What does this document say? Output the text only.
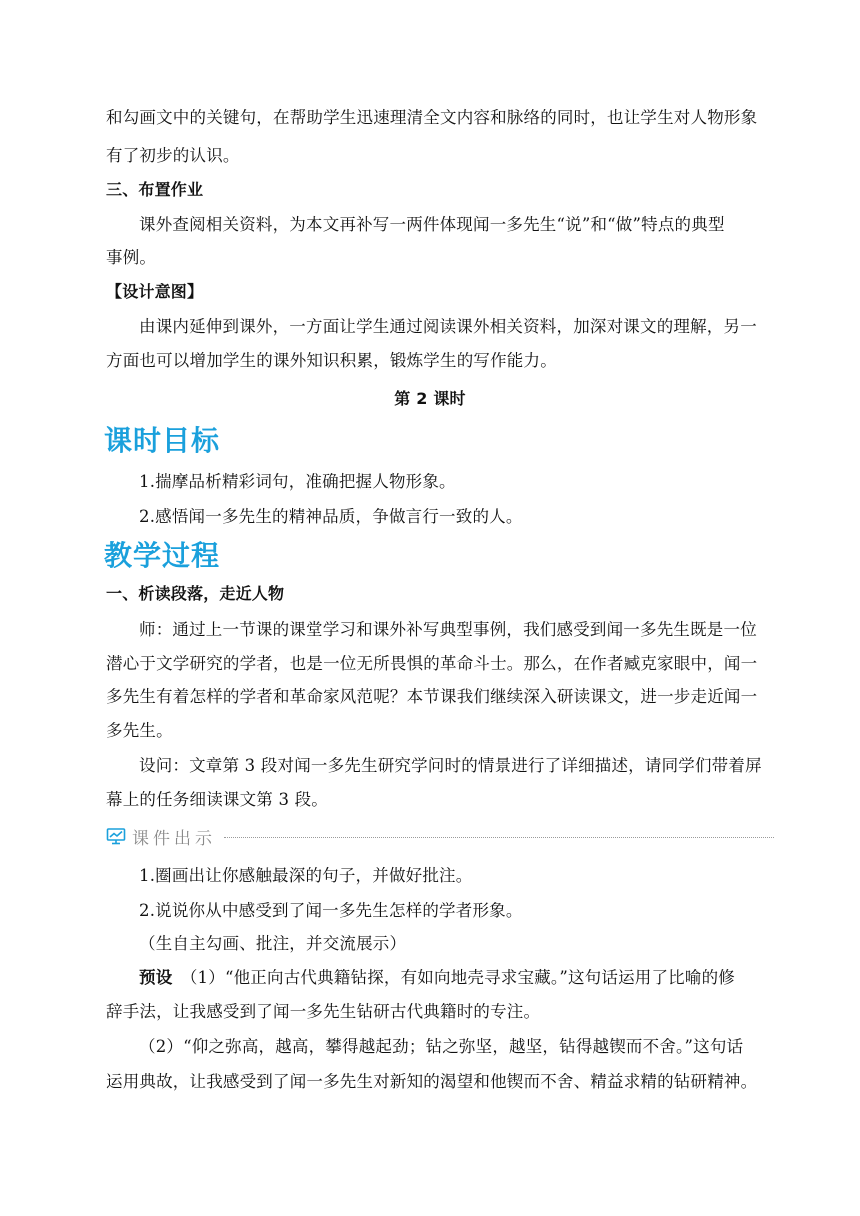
和勾画文中的关键句，在帮助学生迅速理清全文内容和脉络的同时，也让学生对人物形象
有了初步的认识。
三、布置作业
课外查阅相关资料，为本文再补写一两件体现闻一多先生“说”和“做”特点的典型
事例。
【设计意图】
由课内延伸到课外，一方面让学生通过阅读课外相关资料，加深对课文的理解，另一
方面也可以增加学生的课外知识积累，锻炼学生的写作能力。
第 2 课时
课时目标
1.揣摩品析精彩词句，准确把握人物形象。
2.感悟闻一多先生的精神品质，争做言行一致的人。
教学过程
一、析读段落，走近人物
师：通过上一节课的课堂学习和课外补写典型事例，我们感受到闻一多先生既是一位
潜心于文学研究的学者，也是一位无所畏惧的革命斗士。那么，在作者臧克家眼中，闻一
多先生有着怎样的学者和革命家风范呢？本节课我们继续深入研读课文，进一步走近闻一
多先生。
设问：文章第 3 段对闻一多先生研究学问时的情景进行了详细描述，请同学们带着屏
幕上的任务细读课文第 3 段。
课件出示
1.圈画出让你感触最深的句子，并做好批注。
2.说说你从中感受到了闻一多先生怎样的学者形象。
（生自主勾画、批注，并交流展示）
预设　（1）“他正向古代典籍钻探，有如向地壳寻求宝藏。”这句话运用了比喻的修
辞手法，让我感受到了闻一多先生钻研古代典籍时的专注。
（2）“仰之弥高，越高，攀得越起劲；钻之弥坚，越坚，钻得越锲而不舍。”这句话
运用典故，让我感受到了闻一多先生对新知的渴望和他锲而不舍、精益求精的钻研精神。
